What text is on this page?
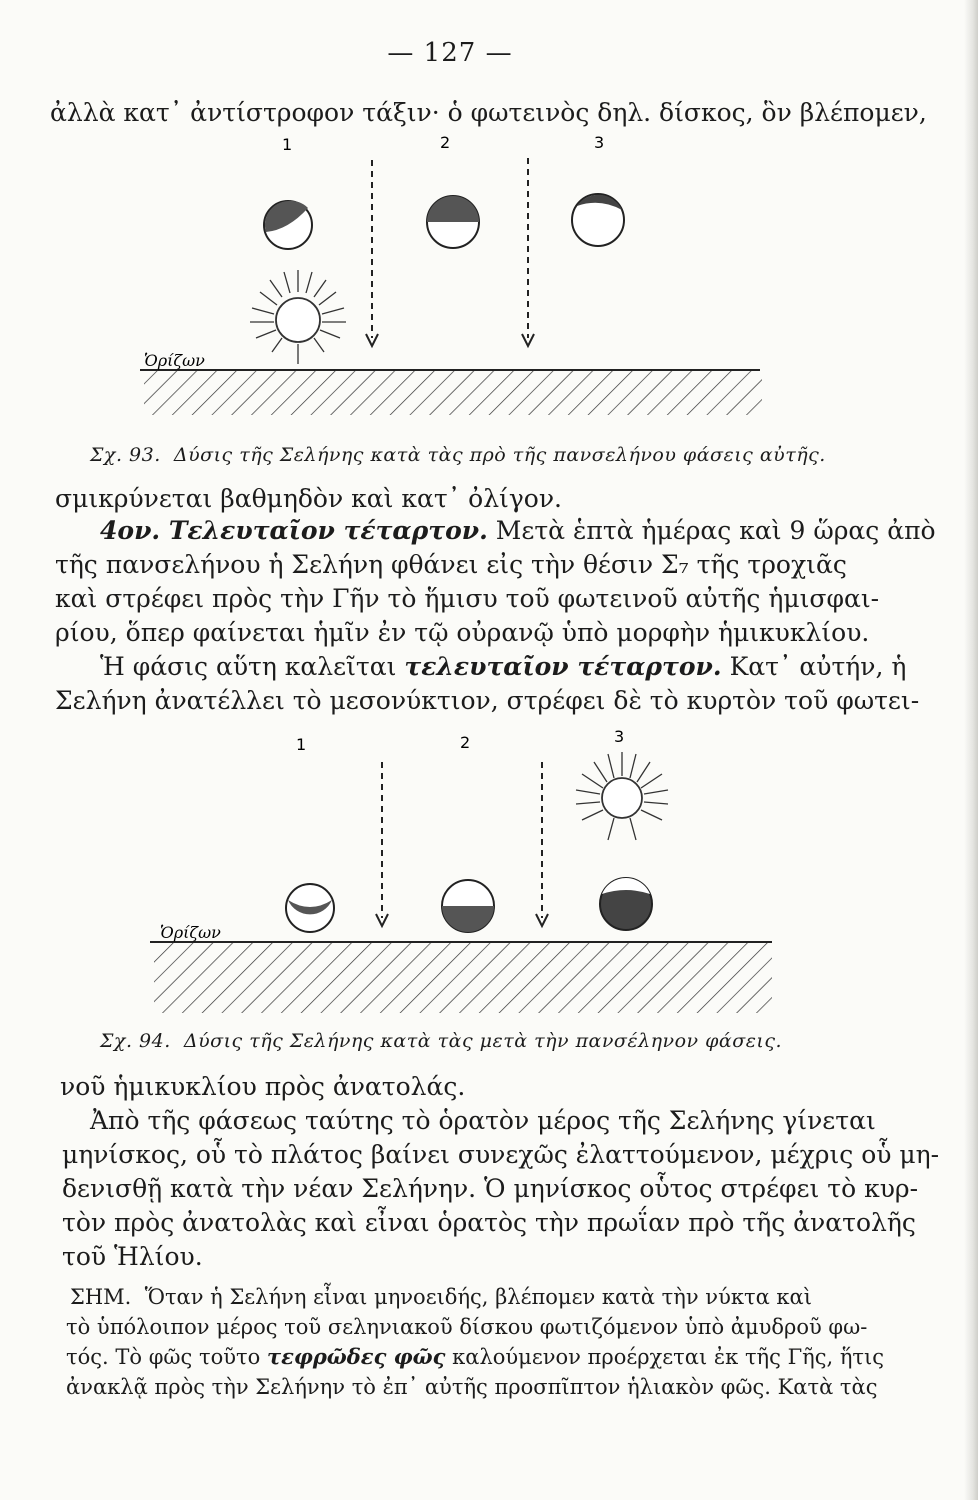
— 127 —
ἀλλὰ κατ᾿ ἀντίστροφον τάξιν· ὁ φωτεινὸς δηλ. δίσκος, ὃν βλέπομεν,
1	2	3
Ὁρίζων
Σχ. 93. Δύσις τῆς Σελήνης κατὰ τὰς πρὸ τῆς πανσελήνου φάσεις αὐτῆς.
σμικρύνεται βαθμηδὸν καὶ κατ᾿ ὀλίγον.
4ον. Τελευταῖον τέταρτον. Μετὰ ἑπτὰ ἡμέρας καὶ 9 ὥρας ἀπὸ
τῆς πανσελήνου ἡ Σελήνη φθάνει εἰς τὴν θέσιν Σ₇ τῆς τροχιᾶς
καὶ στρέφει πρὸς τὴν Γῆν τὸ ἥμισυ τοῦ φωτεινοῦ αὐτῆς ἡμισφαι-
ρίου, ὅπερ φαίνεται ἡμῖν ἐν τῷ οὐρανῷ ὑπὸ μορφὴν ἡμικυκλίου.
Ἡ φάσις αὕτη καλεῖται τελευταῖον τέταρτον. Κατ᾿ αὐτήν, ἡ
Σελήνη ἀνατέλλει τὸ μεσονύκτιον, στρέφει δὲ τὸ κυρτὸν τοῦ φωτει-
1	2	3
Ὁρίζων
Σχ. 94. Δύσις τῆς Σελήνης κατὰ τὰς μετὰ τὴν πανσέληνον φάσεις.
νοῦ ἡμικυκλίου πρὸς ἀνατολάς.
Ἀπὸ τῆς φάσεως ταύτης τὸ ὁρατὸν μέρος τῆς Σελήνης γίνεται
μηνίσκος, οὗ τὸ πλάτος βαίνει συνεχῶς ἐλαττούμενον, μέχρις οὗ μη-
δενισθῇ κατὰ τὴν νέαν Σελήνην. Ὁ μηνίσκος οὗτος στρέφει τὸ κυρ-
τὸν πρὸς ἀνατολὰς καὶ εἶναι ὁρατὸς τὴν πρωΐαν πρὸ τῆς ἀνατολῆς
τοῦ Ἡλίου.
ΣΗΜ. Ὅταν ἡ Σελήνη εἶναι μηνοειδής, βλέπομεν κατὰ τὴν νύκτα καὶ
τὸ ὑπόλοιπον μέρος τοῦ σεληνιακοῦ δίσκου φωτιζόμενον ὑπὸ ἀμυδροῦ φω-
τός. Τὸ φῶς τοῦτο τεφρῶδες φῶς καλούμενον προέρχεται ἐκ τῆς Γῆς, ἥτις
ἀνακλᾷ πρὸς τὴν Σελήνην τὸ ἐπ᾿ αὐτῆς προσπῖπτον ἡλιακὸν φῶς. Κατὰ τὰς
